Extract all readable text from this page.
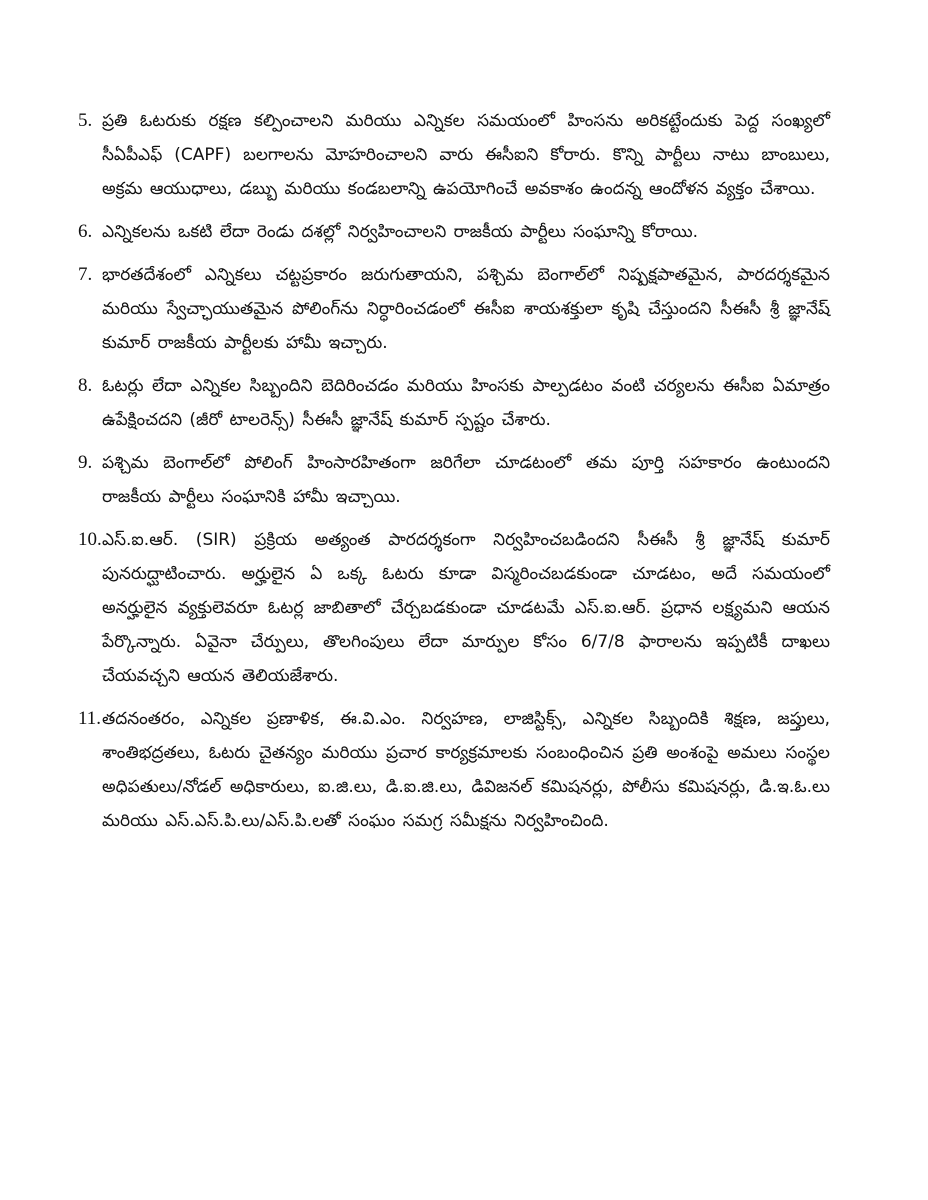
5. ప్రతి ఓటరుకు రక్షణ కల్పించాలని మరియు ఎన్నికల సమయంలో హింసను అరికట్టేందుకు పెద్ద సంఖ్యలో సీఏపీఎఫ్ (CAPF) బలగాలను మోహరించాలని వారు ఈసీఐని కోరారు. కొన్ని పార్టీలు నాటు బాంబులు, అక్రమ ఆయుధాలు, డబ్బు మరియు కండబలాన్ని ఉపయోగించే అవకాశం ఉందన్న ఆందోళన వ్యక్తం చేశాయి.

6. ఎన్నికలను ఒకటి లేదా రెండు దశల్లో నిర్వహించాలని రాజకీయ పార్టీలు సంఘాన్ని కోరాయి.

7. భారతదేశంలో ఎన్నికలు చట్టప్రకారం జరుగుతాయని, పశ్చిమ బెంగాల్‌లో నిష్పక్షపాతమైన, పారదర్శకమైన మరియు స్వేచ్ఛాయుతమైన పోలింగ్‌ను నిర్ధారించడంలో ఈసీఐ శాయశక్తులా కృషి చేస్తుందని సీఈసీ శ్రీ జ్ఞానేష్ కుమార్ రాజకీయ పార్టీలకు హామీ ఇచ్చారు.

8. ఓటర్లు లేదా ఎన్నికల సిబ్బందిని బెదిరించడం మరియు హింసకు పాల్పడటం వంటి చర్యలను ఈసీఐ ఏమాత్రం ఉపేక్షించదని (జీరో టాలరెన్స్) సీఈసీ జ్ఞానేష్ కుమార్ స్పష్టం చేశారు.

9. పశ్చిమ బెంగాల్‌లో పోలింగ్ హింసారహితంగా జరిగేలా చూడటంలో తమ పూర్తి సహకారం ఉంటుందని రాజకీయ పార్టీలు సంఘానికి హామీ ఇచ్చాయి.

10. ఎస్.ఐ.ఆర్. (SIR) ప్రక్రియ అత్యంత పారదర్శకంగా నిర్వహించబడిందని సీఈసీ శ్రీ జ్ఞానేష్ కుమార్ పునరుద్ఘాటించారు. అర్హులైన ఏ ఒక్క ఓటరు కూడా విస్మరించబడకుండా చూడటం, అదే సమయంలో అనర్హులైన వ్యక్తులెవరూ ఓటర్ల జాబితాలో చేర్చబడకుండా చూడటమే ఎస్.ఐ.ఆర్. ప్రధాన లక్ష్యమని ఆయన పేర్కొన్నారు. ఏవైనా చేర్పులు, తొలగింపులు లేదా మార్పుల కోసం 6/7/8 ఫారాలను ఇప్పటికీ దాఖలు చేయవచ్చని ఆయన తెలియజేశారు.

11. తదనంతరం, ఎన్నికల ప్రణాళిక, ఈ.వి.ఎం. నిర్వహణ, లాజిస్టిక్స్, ఎన్నికల సిబ్బందికి శిక్షణ, జప్తులు, శాంతిభద్రతలు, ఓటరు చైతన్యం మరియు ప్రచార కార్యక్రమాలకు సంబంధించిన ప్రతి అంశంపై అమలు సంస్థల అధిపతులు/నోడల్ అధికారులు, ఐ.జి.లు, డి.ఐ.జి.లు, డివిజనల్ కమిషనర్లు, పోలీసు కమిషనర్లు, డి.ఇ.ఓ.లు మరియు ఎస్.ఎస్.పి.లు/ఎస్.పి.లతో సంఘం సమగ్ర సమీక్షను నిర్వహించింది.
